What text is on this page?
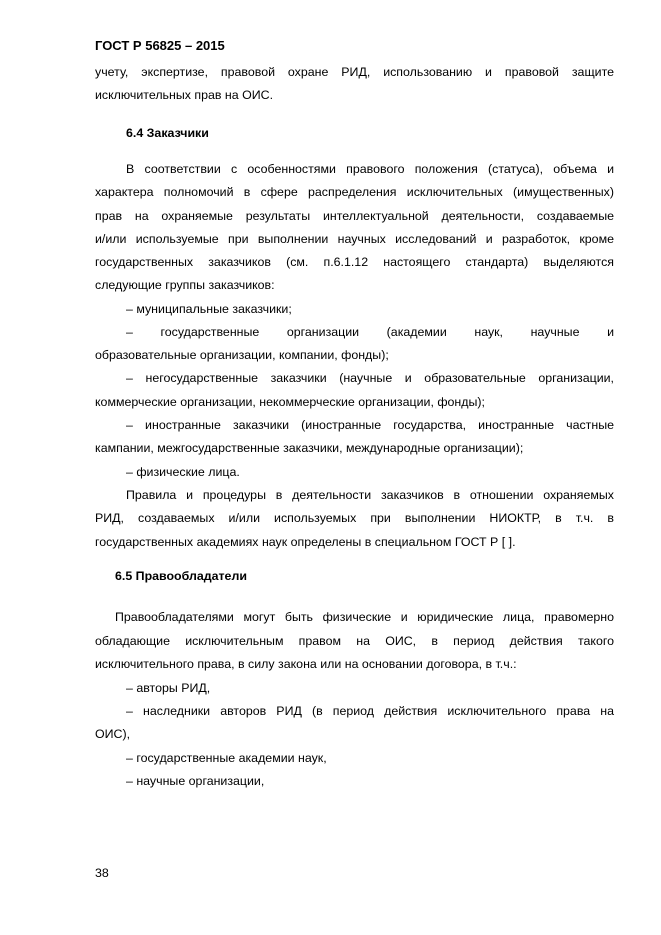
ГОСТ Р 56825 – 2015
учету, экспертизе, правовой охране РИД, использованию и правовой защите
исключительных прав на ОИС.
6.4 Заказчики
В соответствии с особенностями правового положения (статуса), объема и
характера полномочий в сфере распределения исключительных (имущественных)
прав на охраняемые результаты интеллектуальной деятельности, создаваемые
и/или используемые при выполнении научных исследований и разработок, кроме
государственных заказчиков (см. п.6.1.12 настоящего стандарта) выделяются
следующие группы заказчиков:
– муниципальные заказчики;
– государственные организации (академии наук, научные и
образовательные организации, компании, фонды);
– негосударственные заказчики (научные и образовательные организации,
коммерческие организации, некоммерческие организации, фонды);
– иностранные заказчики (иностранные государства, иностранные частные
кампании, межгосударственные заказчики, международные организации);
– физические лица.
Правила и процедуры в деятельности заказчиков в отношении охраняемых
РИД, создаваемых и/или используемых при выполнении НИОКТР, в т.ч. в
государственных академиях наук определены в специальном ГОСТ Р [ ].
6.5 Правообладатели
Правообладателями могут быть физические и юридические лица, правомерно
обладающие исключительным правом на ОИС, в период действия такого
исключительного права, в силу закона или на основании договора, в т.ч.:
– авторы РИД,
– наследники авторов РИД (в период действия исключительного права на
ОИС),
– государственные академии наук,
– научные организации,
38
